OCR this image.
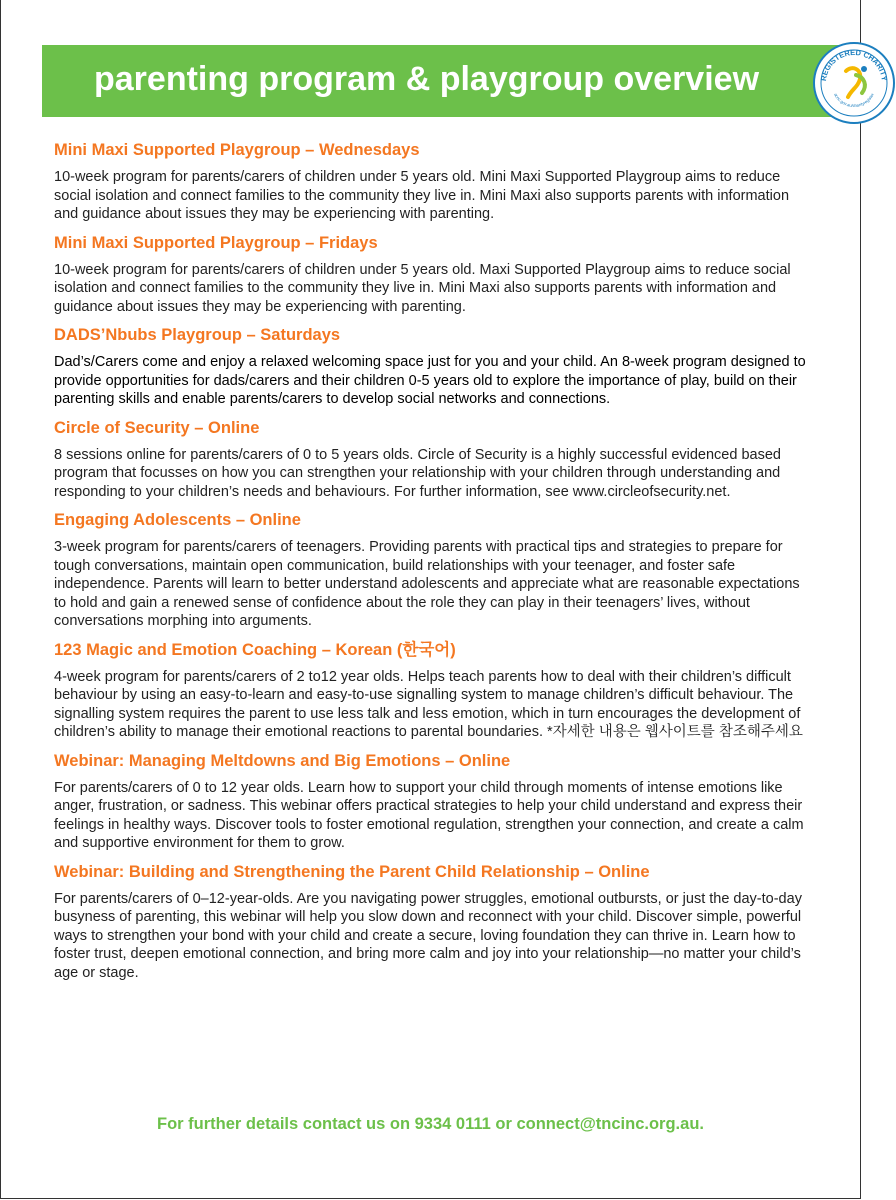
parenting program & playgroup overview	REGISTERED CHARITY
acnc.gov.au/charityregister
Mini Maxi Supported Playgroup – Wednesdays

10-week program for parents/carers of children under 5 years old. Mini Maxi Supported Playgroup aims to reduce social isolation and connect families to the community they live in. Mini Maxi also supports parents with information and guidance about issues they may be experiencing with parenting.

Mini Maxi Supported Playgroup – Fridays

10-week program for parents/carers of children under 5 years old. Maxi Supported Playgroup aims to reduce social isolation and connect families to the community they live in. Mini Maxi also supports parents with information and guidance about issues they may be experiencing with parenting.

DADS’Nbubs Playgroup – Saturdays

Dad’s/Carers come and enjoy a relaxed welcoming space just for you and your child. An 8-week program designed to provide opportunities for dads/carers and their children 0-5 years old to explore the importance of play, build on their parenting skills and enable parents/carers to develop social networks and connections.

Circle of Security – Online

8 sessions online for parents/carers of 0 to 5 years olds. Circle of Security is a highly successful evidenced based program that focusses on how you can strengthen your relationship with your children through understanding and responding to your children’s needs and behaviours. For further information, see www.circleofsecurity.net.

Engaging Adolescents – Online

3-week program for parents/carers of teenagers. Providing parents with practical tips and strategies to prepare for tough conversations, maintain open communication, build relationships with your teenager, and foster safe independence. Parents will learn to better understand adolescents and appreciate what are reasonable expectations to hold and gain a renewed sense of confidence about the role they can play in their teenagers’ lives, without conversations morphing into arguments.

123 Magic and Emotion Coaching – Korean (한국어)

4-week program for parents/carers of 2 to12 year olds. Helps teach parents how to deal with their children’s difficult behaviour by using an easy-to-learn and easy-to-use signalling system to manage children’s difficult behaviour. The signalling system requires the parent to use less talk and less emotion, which in turn encourages the development of children’s ability to manage their emotional reactions to parental boundaries. *자세한 내용은 웹사이트를 참조해주세요

Webinar: Managing Meltdowns and Big Emotions – Online

For parents/carers of 0 to 12 year olds. Learn how to support your child through moments of intense emotions like anger, frustration, or sadness. This webinar offers practical strategies to help your child understand and express their feelings in healthy ways. Discover tools to foster emotional regulation, strengthen your connection, and create a calm and supportive environment for them to grow.

Webinar: Building and Strengthening the Parent Child Relationship – Online

For parents/carers of 0–12-year-olds. Are you navigating power struggles, emotional outbursts, or just the day-to-day busyness of parenting, this webinar will help you slow down and reconnect with your child. Discover simple, powerful ways to strengthen your bond with your child and create a secure, loving foundation they can thrive in. Learn how to foster trust, deepen emotional connection, and bring more calm and joy into your relationship—no matter your child’s age or stage.

For further details contact us on 9334 0111 or connect@tncinc.org.au.
